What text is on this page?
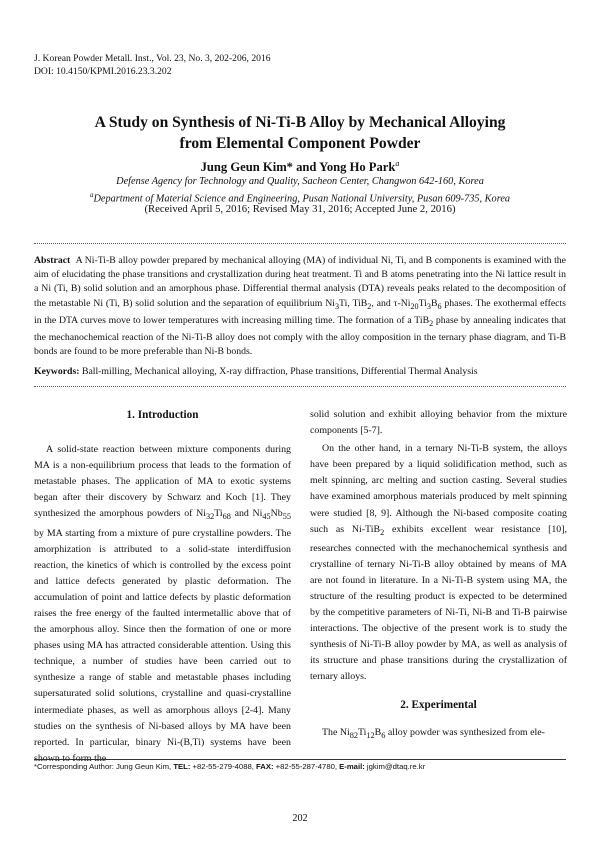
J. Korean Powder Metall. Inst., Vol. 23, No. 3, 202-206, 2016
DOI: 10.4150/KPMI.2016.23.3.202
A Study on Synthesis of Ni-Ti-B Alloy by Mechanical Alloying
from Elemental Component Powder
Jung Geun Kim* and Yong Ho Park$^a$
Defense Agency for Technology and Quality, Sacheon Center, Changwon 642-160, Korea
$^a$Department of Material Science and Engineering, Pusan National University, Pusan 609-735, Korea
(Received April 5, 2016; Revised May 31, 2016; Accepted June 2, 2016)
Abstract A Ni-Ti-B alloy powder prepared by mechanical alloying (MA) of individual Ni, Ti, and B components is examined with the aim of elucidating the phase transitions and crystallization during heat treatment. Ti and B atoms penetrating into the Ni lattice result in a Ni (Ti, B) solid solution and an amorphous phase. Differential thermal analysis (DTA) reveals peaks related to the decomposition of the metastable Ni (Ti, B) solid solution and the separation of equilibrium $Ni_3Ti$, TiB$_2$, and $\tau-Ni_{20}Ti_3B_6$ phases. The exothermal effects in the DTA curves move to lower temperatures with increasing milling time. The formation of a TiB$_2$ phase by annealing indicates that the mechanochemical reaction of the Ni-Ti-B alloy does not comply with the alloy composition in the ternary phase diagram, and Ti-B bonds are found to be more preferable than Ni-B bonds.
Keywords: Ball-milling, Mechanical alloying, X-ray diffraction, Phase transitions, Differential Thermal Analysis
1. Introduction

A solid-state reaction between mixture components during MA is a non-equilibrium process that leads to the formation of metastable phases. The application of MA to exotic systems began after their discovery by Schwarz and Koch [1]. They synthesized the amorphous powders of $Ni_{32}Ti_{68}$ and $Ni_{45}Nb_{55}$ by MA starting from a mixture of pure crystalline powders. The amorphization is attributed to a solid-state interdiffusion reaction, the kinetics of which is controlled by the excess point and lattice defects generated by plastic deformation. The accumulation of point and lattice defects by plastic deformation raises the free energy of the faulted intermetallic above that of the amorphous alloy. Since then the formation of one or more phases using MA has attracted considerable attention. Using this technique, a number of studies have been carried out to synthesize a range of stable and metastable phases including supersaturated solid solutions, crystalline and quasi-crystalline intermediate phases, as well as amorphous alloys [2-4]. Many studies on the synthesis of Ni-based alloys by MA have been reported. In particular, binary Ni-(B,Ti) systems have been shown to form the

solid solution and exhibit alloying behavior from the mixture components [5-7].

On the other hand, in a ternary Ni-Ti-B system, the alloys have been prepared by a liquid solidification method, such as melt spinning, arc melting and suction casting. Several studies have examined amorphous materials produced by melt spinning were studied [8, 9]. Although the Ni-based composite coating such as Ni-TiB$_2$ exhibits excellent wear resistance [10], researches connected with the mechanochemical synthesis and crystalline of ternary Ni-Ti-B alloy obtained by means of MA are not found in literature. In a Ni-Ti-B system using MA, the structure of the resulting product is expected to be determined by the competitive parameters of Ni-Ti, Ni-B and Ti-B pairwise interactions. The objective of the present work is to study the synthesis of Ni-Ti-B alloy powder by MA, as well as analysis of its structure and phase transitions during the crystallization of ternary alloys.

2. Experimental

The $Ni_{82}Ti_{12}B_6$ alloy powder was synthesized from ele-

*Corresponding Author: Jung Geun Kim, TEL: +82-55-279-4088, FAX: +82-55-287-4780, E-mail: jgkim@dtaq.re.kr
202
